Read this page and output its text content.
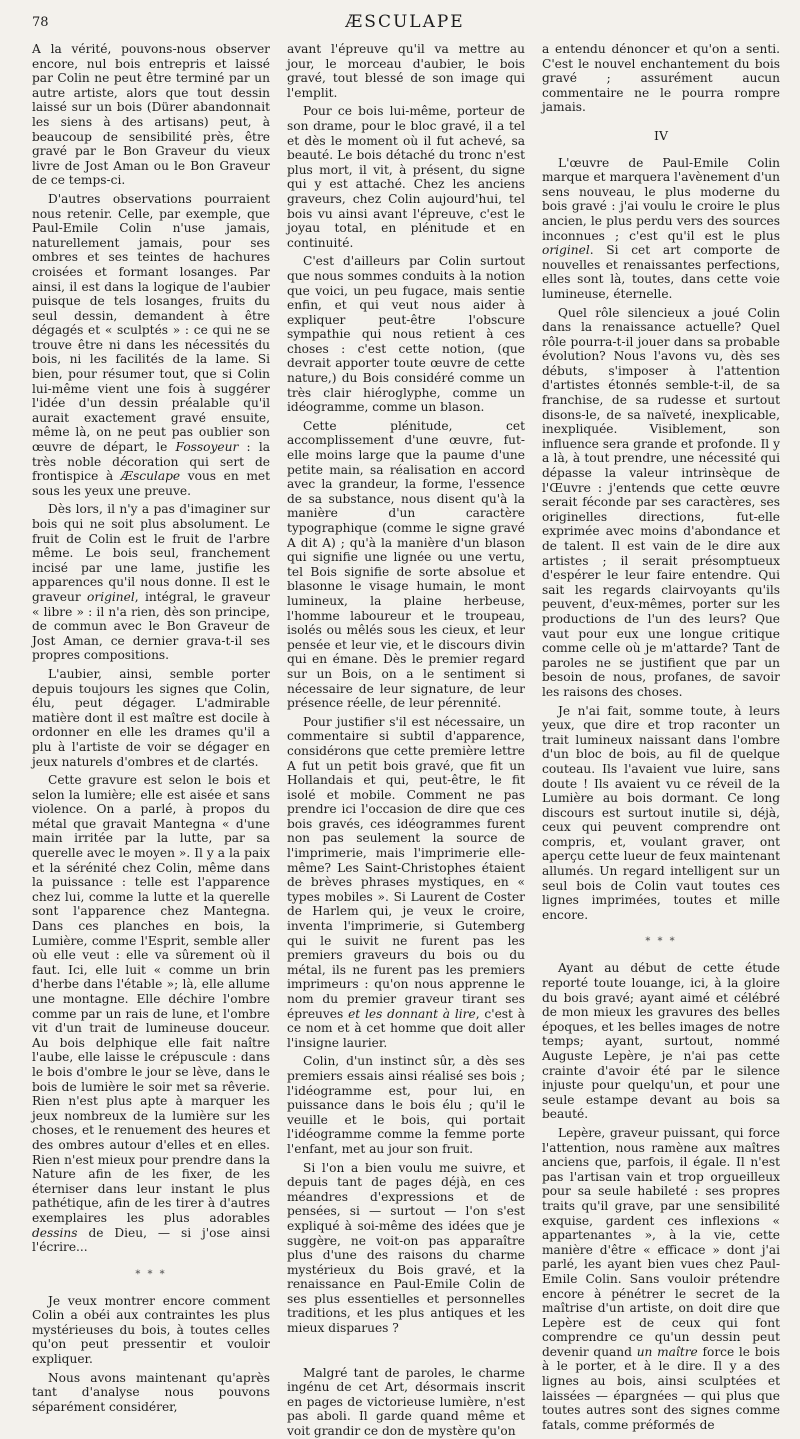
78	ÆSCULAPE

A la vérité, pouvons-nous observer encore, nul bois entrepris et laissé par Colin ne peut être terminé par un autre artiste, alors que tout dessin laissé sur un bois (Dürer abandonnait les siens à des artisans) peut, à beaucoup de sensibilité près, être gravé par le Bon Graveur du vieux livre de Jost Aman ou le Bon Graveur de ce temps-ci.

D'autres observations pourraient nous retenir. Celle, par exemple, que Paul-Emile Colin n'use jamais, naturellement jamais, pour ses ombres et ses teintes de hachures croisées et formant losanges. Par ainsi, il est dans la logique de l'aubier puisque de tels losanges, fruits du seul dessin, demandent à être dégagés et « sculptés » : ce qui ne se trouve être ni dans les nécessités du bois, ni les facilités de la lame. Si bien, pour résumer tout, que si Colin lui-même vient une fois à suggérer l'idée d'un dessin préalable qu'il aurait exactement gravé ensuite, même là, on ne peut pas oublier son œuvre de départ, le Fossoyeur : la très noble décoration qui sert de frontispice à Æsculape vous en met sous les yeux une preuve.

Dès lors, il n'y a pas d'imaginer sur bois qui ne soit plus absolument. Le fruit de Colin est le fruit de l'arbre même. Le bois seul, franchement incisé par une lame, justifie les apparences qu'il nous donne. Il est le graveur originel, intégral, le graveur « libre » : il n'a rien, dès son principe, de commun avec le Bon Graveur de Jost Aman, ce dernier grava-t-il ses propres compositions.

L'aubier, ainsi, semble porter depuis toujours les signes que Colin, élu, peut dégager. L'admirable matière dont il est maître est docile à ordonner en elle les drames qu'il a plu à l'artiste de voir se dégager en jeux naturels d'ombres et de clartés.

Cette gravure est selon le bois et selon la lumière; elle est aisée et sans violence. On a parlé, à propos du métal que gravait Mantegna « d'une main irritée par la lutte, par sa querelle avec le moyen ». Il y a la paix et la sérénité chez Colin, même dans la puissance : telle est l'apparence chez lui, comme la lutte et la querelle sont l'apparence chez Mantegna. Dans ces planches en bois, la Lumière, comme l'Esprit, semble aller où elle veut : elle va sûrement où il faut. Ici, elle luit « comme un brin d'herbe dans l'étable »; là, elle allume une montagne. Elle déchire l'ombre comme par un rais de lune, et l'ombre vit d'un trait de lumineuse douceur. Au bois delphique elle fait naître l'aube, elle laisse le crépuscule : dans le bois d'ombre le jour se lève, dans le bois de lumière le soir met sa rêverie. Rien n'est plus apte à marquer les jeux nombreux de la lumière sur les choses, et le renuement des heures et des ombres autour d'elles et en elles. Rien n'est mieux pour prendre dans la Nature afin de les fixer, de les éterniser dans leur instant le plus pathétique, afin de les tirer à d'autres exemplaires les plus adorables dessins de Dieu, — si j'ose ainsi l'écrire...

* * *

Je veux montrer encore comment Colin a obéi aux contraintes les plus mystérieuses du bois, à toutes celles qu'on peut pressentir et vouloir expliquer.

Nous avons maintenant qu'après tant d'analyse nous pouvons séparément considérer,

avant l'épreuve qu'il va mettre au jour, le morceau d'aubier, le bois gravé, tout blessé de son image qui l'emplit.

Pour ce bois lui-même, porteur de son drame, pour le bloc gravé, il a tel et dès le moment où il fut achevé, sa beauté. Le bois détaché du tronc n'est plus mort, il vit, à présent, du signe qui y est attaché. Chez les anciens graveurs, chez Colin aujourd'hui, tel bois vu ainsi avant l'épreuve, c'est le joyau total, en plénitude et en continuité.

C'est d'ailleurs par Colin surtout que nous sommes conduits à la notion que voici, un peu fugace, mais sentie enfin, et qui veut nous aider à expliquer peut-être l'obscure sympathie qui nous retient à ces choses : c'est cette notion, (que devrait apporter toute œuvre de cette nature,) du Bois considéré comme un très clair hiéroglyphe, comme un idéogramme, comme un blason.

Cette plénitude, cet accomplissement d'une œuvre, fut-elle moins large que la paume d'une petite main, sa réalisation en accord avec la grandeur, la forme, l'essence de sa substance, nous disent qu'à la manière d'un caractère typographique (comme le signe gravé A dit A) ; qu'à la manière d'un blason qui signifie une lignée ou une vertu, tel Bois signifie de sorte absolue et blasonne le visage humain, le mont lumineux, la plaine herbeuse, l'homme laboureur et le troupeau, isolés ou mêlés sous les cieux, et leur pensée et leur vie, et le discours divin qui en émane. Dès le premier regard sur un Bois, on a le sentiment si nécessaire de leur signature, de leur présence réelle, de leur pérennité.

Pour justifier s'il est nécessaire, un commentaire si subtil d'apparence, considérons que cette première lettre A fut un petit bois gravé, que fit un Hollandais et qui, peut-être, le fit isolé et mobile. Comment ne pas prendre ici l'occasion de dire que ces bois gravés, ces idéogrammes furent non pas seulement la source de l'imprimerie, mais l'imprimerie elle-même? Les Saint-Christophes étaient de brèves phrases mystiques, en « types mobiles ». Si Laurent de Coster de Harlem qui, je veux le croire, inventa l'imprimerie, si Gutemberg qui le suivit ne furent pas les premiers graveurs du bois ou du métal, ils ne furent pas les premiers imprimeurs : qu'on nous apprenne le nom du premier graveur tirant ses épreuves et les donnant à lire, c'est à ce nom et à cet homme que doit aller l'insigne laurier.

Colin, d'un instinct sûr, a dès ses premiers essais ainsi réalisé ses bois ; l'idéogramme est, pour lui, en puissance dans le bois élu ; qu'il le veuille et le bois, qui portait l'idéogramme comme la femme porte l'enfant, met au jour son fruit.

Si l'on a bien voulu me suivre, et depuis tant de pages déjà, en ces méandres d'expressions et de pensées, si — surtout — l'on s'est expliqué à soi-même des idées que je suggère, ne voit-on pas apparaître plus d'une des raisons du charme mystérieux du Bois gravé, et la renaissance en Paul-Emile Colin de ses plus essentielles et personnelles traditions, et les plus antiques et les mieux disparues ?

Malgré tant de paroles, le charme ingénu de cet Art, désormais inscrit en pages de victorieuse lumière, n'est pas aboli. Il garde quand même et voit grandir ce don de mystère qu'on

a entendu dénoncer et qu'on a senti. C'est le nouvel enchantement du bois gravé ; assurément aucun commentaire ne le pourra rompre jamais.

IV

L'œuvre de Paul-Emile Colin marque et marquera l'avènement d'un sens nouveau, le plus moderne du bois gravé : j'ai voulu le croire le plus ancien, le plus perdu vers des sources inconnues ; c'est qu'il est le plus originel. Si cet art comporte de nouvelles et renaissantes perfections, elles sont là, toutes, dans cette voie lumineuse, éternelle.

Quel rôle silencieux a joué Colin dans la renaissance actuelle? Quel rôle pourra-t-il jouer dans sa probable évolution? Nous l'avons vu, dès ses débuts, s'imposer à l'attention d'artistes étonnés semble-t-il, de sa franchise, de sa rudesse et surtout disons-le, de sa naïveté, inexplicable, inexpliquée. Visiblement, son influence sera grande et profonde. Il y a là, à tout prendre, une nécessité qui dépasse la valeur intrinsèque de l'Œuvre : j'entends que cette œuvre serait féconde par ses caractères, ses originelles directions, fut-elle exprimée avec moins d'abondance et de talent. Il est vain de le dire aux artistes ; il serait présomptueux d'espérer le leur faire entendre. Qui sait les regards clairvoyants qu'ils peuvent, d'eux-mêmes, porter sur les productions de l'un des leurs? Que vaut pour eux une longue critique comme celle où je m'attarde? Tant de paroles ne se justifient que par un besoin de nous, profanes, de savoir les raisons des choses.

Je n'ai fait, somme toute, à leurs yeux, que dire et trop raconter un trait lumineux naissant dans l'ombre d'un bloc de bois, au fil de quelque couteau. Ils l'avaient vue luire, sans doute ! Ils avaient vu ce réveil de la Lumière au bois dormant. Ce long discours est surtout inutile si, déjà, ceux qui peuvent comprendre ont compris, et, voulant graver, ont aperçu cette lueur de feux maintenant allumés. Un regard intelligent sur un seul bois de Colin vaut toutes ces lignes imprimées, toutes et mille encore.

* * *

Ayant au début de cette étude reporté toute louange, ici, à la gloire du bois gravé; ayant aimé et célébré de mon mieux les gravures des belles époques, et les belles images de notre temps; ayant, surtout, nommé Auguste Lepère, je n'ai pas cette crainte d'avoir été par le silence injuste pour quelqu'un, et pour une seule estampe devant au bois sa beauté.

Lepère, graveur puissant, qui force l'attention, nous ramène aux maîtres anciens que, parfois, il égale. Il n'est pas l'artisan vain et trop orgueilleux pour sa seule habileté : ses propres traits qu'il grave, par une sensibilité exquise, gardent ces inflexions « appartenantes », à la vie, cette manière d'être « efficace » dont j'ai parlé, les ayant bien vues chez Paul-Emile Colin. Sans vouloir prétendre encore à pénétrer le secret de la maîtrise d'un artiste, on doit dire que Lepère est de ceux qui font comprendre ce qu'un dessin peut devenir quand un maître force le bois à le porter, et à le dire. Il y a des lignes au bois, ainsi sculptées et laissées — épargnées — qui plus que toutes autres sont des signes comme fatals, comme préformés de
